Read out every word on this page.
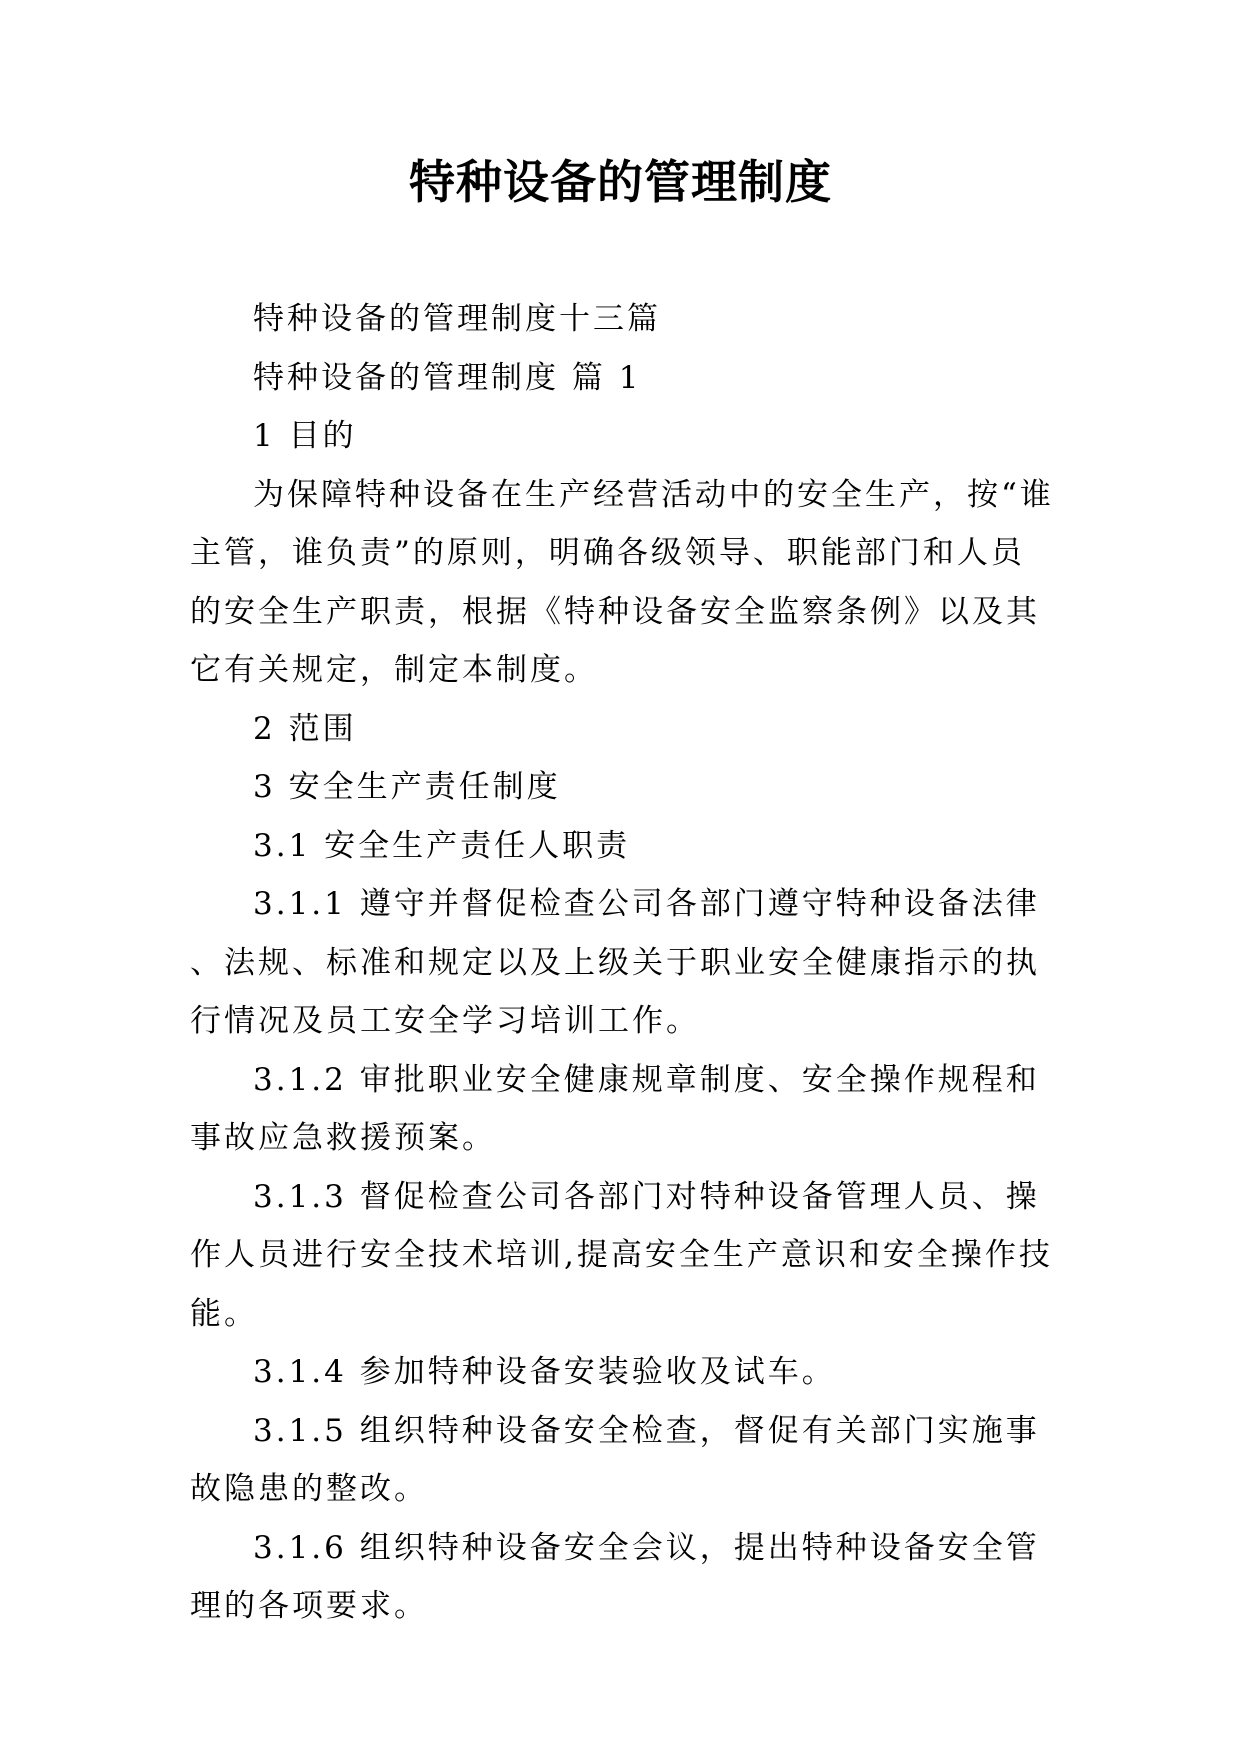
特种设备的管理制度

特种设备的管理制度十三篇

特种设备的管理制度 篇 1

1 目的

为保障特种设备在生产经营活动中的安全生产，按“谁主管，谁负责”的原则，明确各级领导、职能部门和人员的安全生产职责，根据《特种设备安全监察条例》以及其它有关规定，制定本制度。

2 范围

3 安全生产责任制度

3.1 安全生产责任人职责

3.1.1 遵守并督促检查公司各部门遵守特种设备法律、法规、标准和规定以及上级关于职业安全健康指示的执行情况及员工安全学习培训工作。

3.1.2 审批职业安全健康规章制度、安全操作规程和事故应急救援预案。

3.1.3 督促检查公司各部门对特种设备管理人员、操作人员进行安全技术培训,提高安全生产意识和安全操作技能。

3.1.4 参加特种设备安装验收及试车。

3.1.5 组织特种设备安全检查，督促有关部门实施事故隐患的整改。

3.1.6 组织特种设备安全会议，提出特种设备安全管理的各项要求。
